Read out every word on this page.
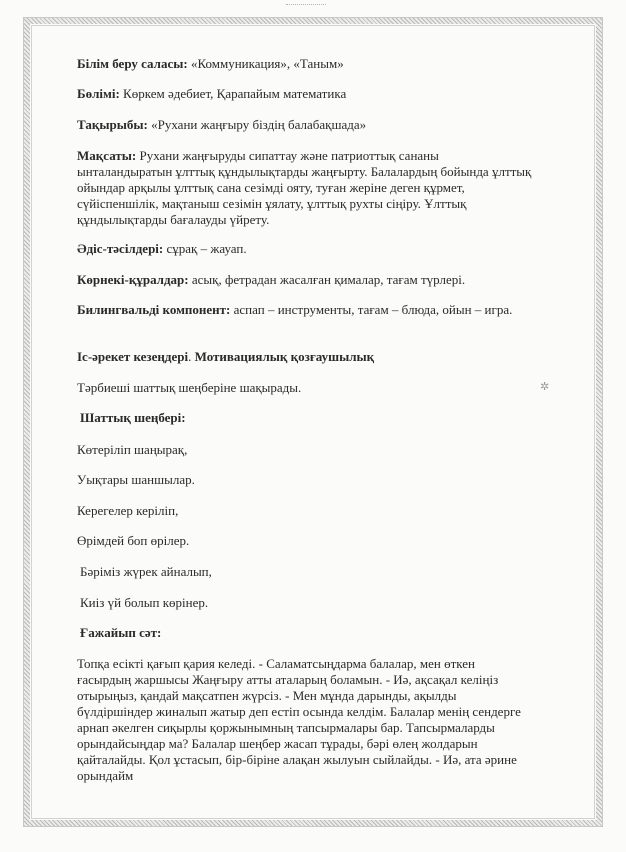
✲

Білім беру саласы: «Коммуникация», «Таным»

Бөлімі: Көркем әдебиет, Қарапайым математика

Тақырыбы: «Рухани жаңғыру біздің балабақшада»

Мақсаты: Рухани жаңғыруды сипаттау және патриоттық сананы ынталандыратын ұлттық құндылықтарды жаңғырту. Балалардың бойында ұлттық ойындар арқылы ұлттық сана сезімді ояту, туған жеріне деген құрмет, сүйіспеншілік, мақтаныш сезімін ұялату, ұлттық рухты сіңіру. Ұлттық құндылықтарды бағалауды үйрету.

Әдіс-тәсілдері: сұрақ – жауап.

Көрнекі-құралдар: асық, фетрадан жасалған қималар, тағам түрлері.

Билингвальді компонент: аспап – инструменты, тағам – блюда, ойын – игра.

Іс-әрекет кезеңдері. Мотивациялық қозғаушылық

Тәрбиеші шаттық шеңберіне шақырады.

Шаттық шеңбері:

Көтеріліп шаңырақ,

Уықтары шаншылар.

Керегелер керіліп,

Өрімдей боп өрілер.

Бәріміз жүрек айналып,

Киіз үй болып көрінер.

Ғажайып сәт:

Топқа есікті қағып қария келеді. - Саламатсыңдарма балалар, мен өткен ғасырдың жаршысы Жаңғыру атты аталарың боламын. - Иә, ақсақал келіңіз отырыңыз, қандай мақсатпен жүрсіз. - Мен мұнда дарынды, ақылды бүлдіршіндер жиналып жатыр деп естіп осында келдім. Балалар менің сендерге арнап әкелген сиқырлы қоржынымның тапсырмалары бар. Тапсырмаларды орындайсыңдар ма? Балалар шеңбер жасап тұрады, бәрі өлең жолдарын қайталайды. Қол ұстасып, бір-біріне алақан жылуын сыйлайды. - Иә, ата әрине орындайм
